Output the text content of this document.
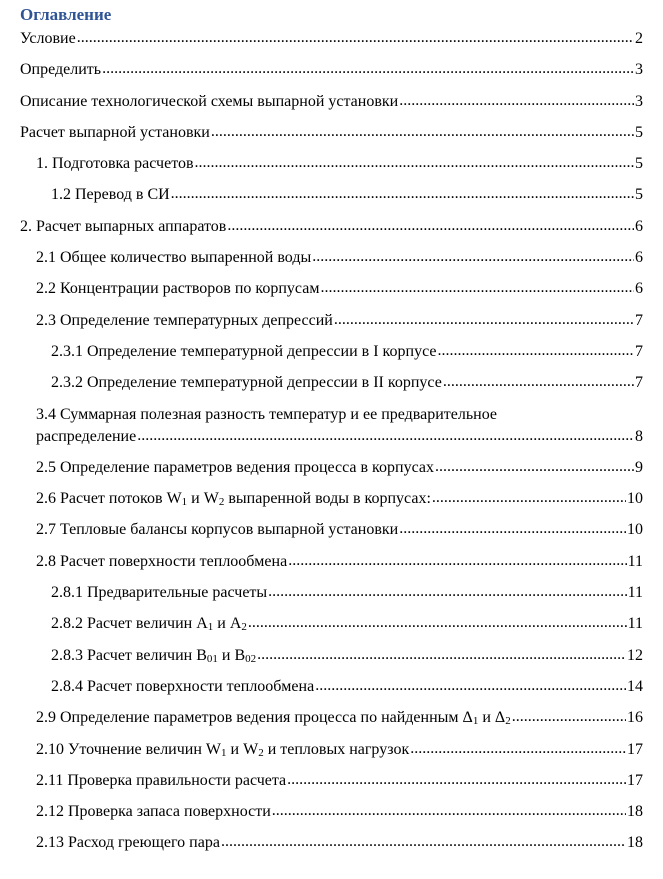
Оглавление
Условие .....	2
Определить .....	3
Описание технологической схемы выпарной установки .....	3
Расчет выпарной установки .....	5
1. Подготовка расчетов .....	5
1.2 Перевод в СИ .....	5
2. Расчет выпарных аппаратов .....	6
2.1 Общее количество выпаренной воды .....	6
2.2 Концентрации растворов по корпусам .....	6
2.3 Определение температурных депрессий .....	7
2.3.1 Определение температурной депрессии в I корпусе .....	7
2.3.2 Определение температурной депрессии в II корпусе .....	7
3.4 Суммарная полезная разность температур и ее предварительное
распределение .....	8
2.5 Определение параметров ведения процесса в корпусах .....	9
2.6 Расчет потоков $W_1$ и $W_2$ выпаренной воды в корпусах: .....	10
2.7 Тепловые балансы корпусов выпарной установки .....	10
2.8 Расчет поверхности теплообмена .....	11
2.8.1 Предварительные расчеты .....	11
2.8.2 Расчет величин $A_1$ и $A_2$ .....	11
2.8.3 Расчет величин $B_{01}$ и $B_{02}$ .....	12
2.8.4 Расчет поверхности теплообмена .....	14
2.9 Определение параметров ведения процесса по найденным $\Delta_1$ и $\Delta_2$ .....	16
2.10 Уточнение величин $W_1$ и $W_2$ и тепловых нагрузок .....	17
2.11 Проверка правильности расчета .....	17
2.12 Проверка запаса поверхности .....	18
2.13 Расход греющего пара .....	18
